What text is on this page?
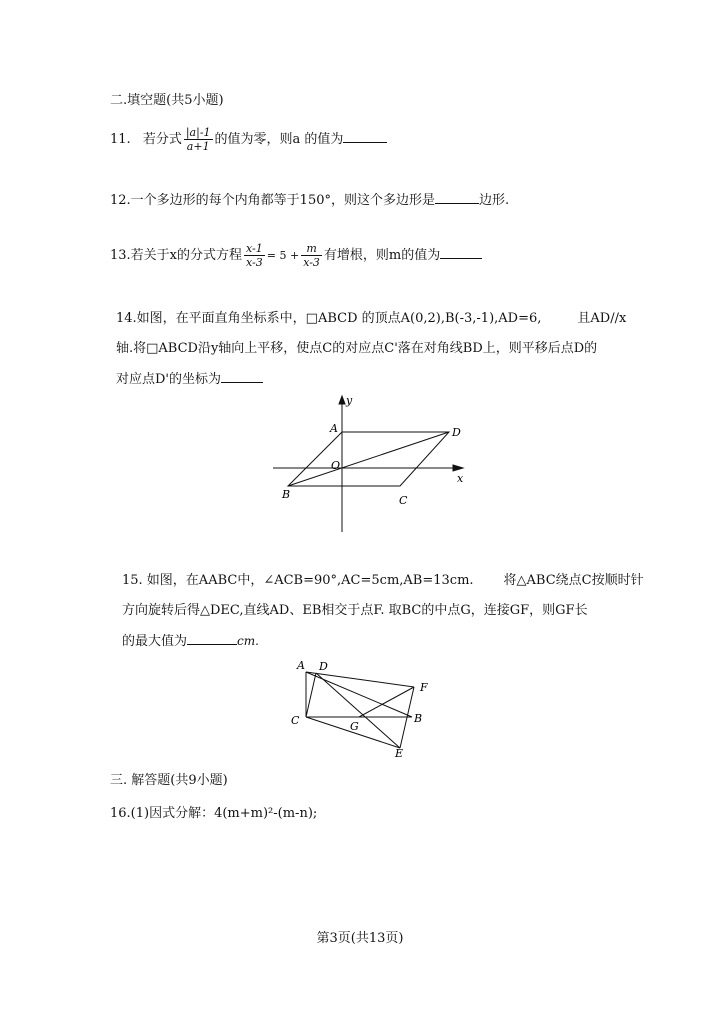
二.填空题(共5小题)
11. 若分式 $\frac{|a|-1}{a+1}$ 的值为零，则a 的值为
12.一个多边形的每个内角都等于150°，则这个多边形是	边形.
13.若关于x的分式方程 $\frac{x-1}{x-3} = 5 + \frac{m}{x-3}$ 有增根，则m的值为
14.如图，在平面直角坐标系中，□ABCD 的顶点A(0,2),B(-3,-1),AD=6,	且AD//x
轴.将□ABCD沿y轴向上平移，使点C的对应点C'落在对角线BD上，则平移后点D的
对应点D'的坐标为
y
x
A	D
O
B	C
15. 如图，在AABC中，∠ACB=90°,AC=5cm,AB=13cm. 将△ABC绕点C按顺时针
方向旋转后得△DEC,直线AD、EB相交于点F. 取BC的中点G，连接GF，则GF长
的最大值为	cm.
A D
F
C	G
B
E
三. 解答题(共9小题)
16.(1)因式分解：4(m+m)²-(m-n);
第3页(共13页)
